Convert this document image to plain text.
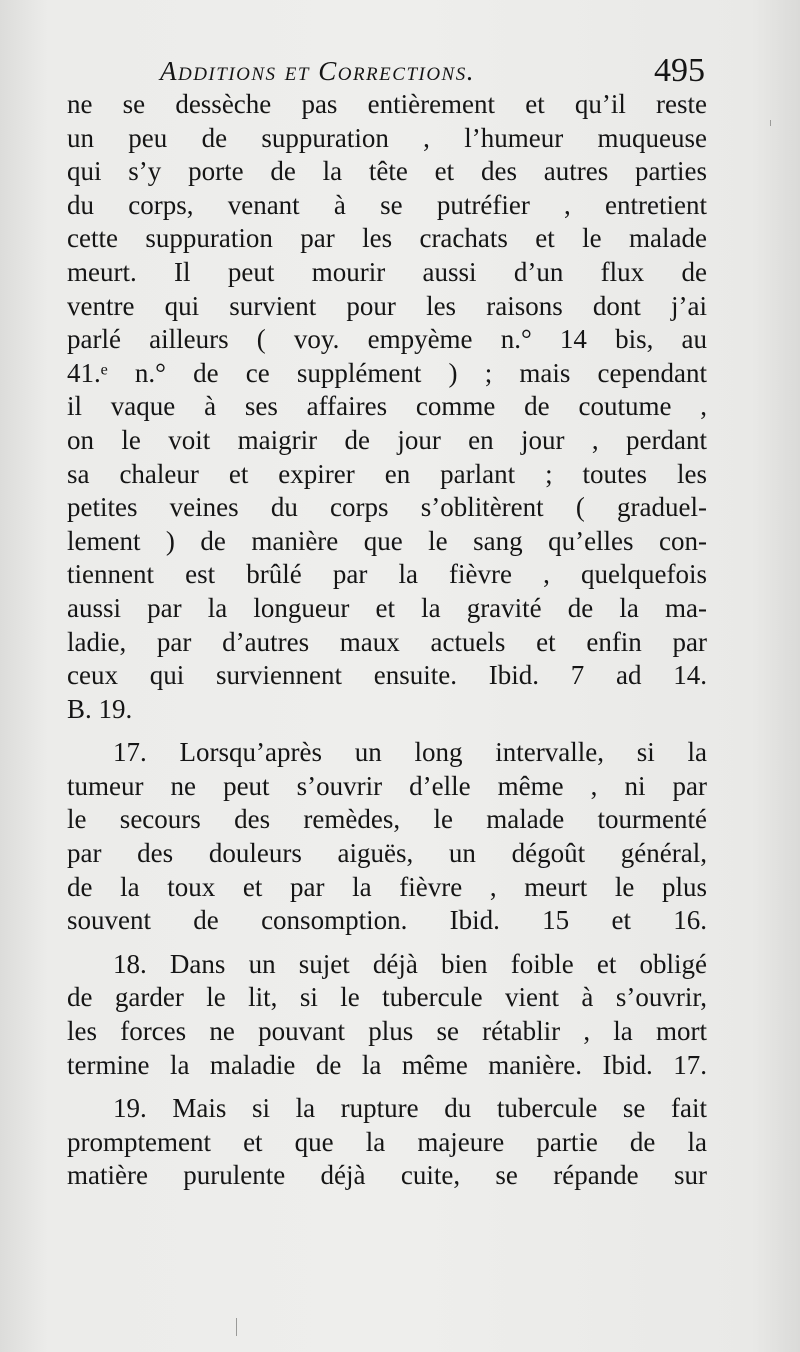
Additions et Corrections.	495
ne se dessèche pas entièrement et qu’il reste
un peu de suppuration , l’humeur muqueuse
qui s’y porte de la tête et des autres parties
du corps, venant à se putréfier , entretient
cette suppuration par les crachats et le malade
meurt. Il peut mourir aussi d’un flux de
ventre qui survient pour les raisons dont j’ai
parlé ailleurs ( voy. empyème n.° 14 bis, au
41.ᵉ n.° de ce supplément ) ; mais cependant
il vaque à ses affaires comme de coutume ,
on le voit maigrir de jour en jour , perdant
sa chaleur et expirer en parlant ; toutes les
petites veines du corps s’oblitèrent ( graduel-
lement ) de manière que le sang qu’elles con-
tiennent est brûlé par la fièvre , quelquefois
aussi par la longueur et la gravité de la ma-
ladie, par d’autres maux actuels et enfin par
ceux qui surviennent ensuite. Ibid. 7 ad 14.
B. 19.
17. Lorsqu’après un long intervalle, si la
tumeur ne peut s’ouvrir d’elle même , ni par
le secours des remèdes, le malade tourmenté
par des douleurs aiguës, un dégoût général,
de la toux et par la fièvre , meurt le plus
souvent de consomption. Ibid. 15 et 16.
18. Dans un sujet déjà bien foible et obligé
de garder le lit, si le tubercule vient à s’ouvrir,
les forces ne pouvant plus se rétablir , la mort
termine la maladie de la même manière. Ibid. 17.
19. Mais si la rupture du tubercule se fait
promptement et que la majeure partie de la
matière purulente déjà cuite, se répande sur
